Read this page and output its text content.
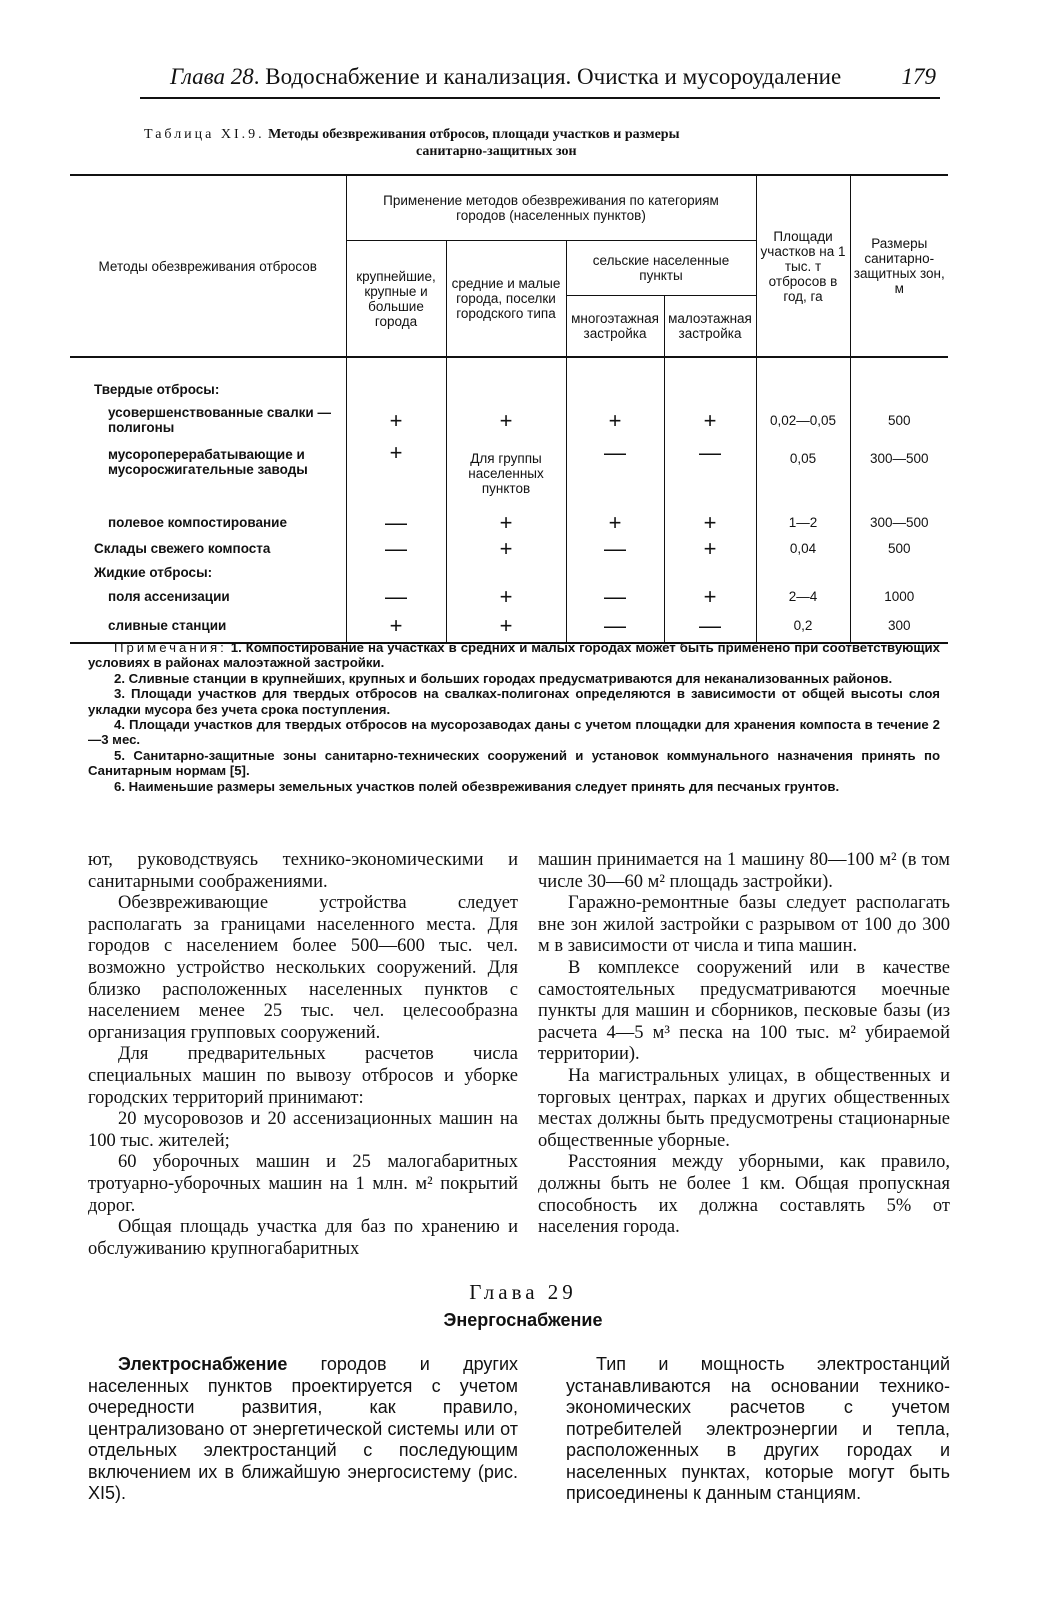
Глава 28. Водоснабжение и канализация. Очистка и мусороудаление	179
Таблица XI.9. Методы обезвреживания отбросов, площади участков и размеры
санитарно-защитных зон
Методы обезвреживания отбросов	Применение методов обезвреживания по категориям городов (населенных пунктов)				Площади участков на 1 тыс. т отбросов в год, га	Размеры санитарно-защитных зон, м
	крупнейшие, крупные и большие города	средние и малые города, поселки городского типа	сельские населенные пункты			
			многоэтажная застройка	малоэтажная застройка		
Твердые отбросы:						
усовершенствованные свалки — полигоны	+	+	+	+	0,02—0,05	500
мусороперерабатывающие и мусоросжигательные заводы	+	Для группы населенных пунктов	—	—	0,05	300—500
полевое компостирование	—	+	+	+	1—2	300—500
Склады свежего компоста	—	+	—	+	0,04	500
Жидкие отбросы:						
поля ассенизации	—	+	—	+	2—4	1000
сливные станции	+	+	—	—	0,2	300

Примечания: 1. Компостирование на участках в средних и малых городах может быть применено при соответствующих условиях в районах малоэтажной застройки.

2. Сливные станции в крупнейших, крупных и больших городах предусматриваются для неканализованных районов.

3. Площади участков для твердых отбросов на свалках-полигонах определяются в зависимости от общей высоты слоя укладки мусора без учета срока поступления.

4. Площади участков для твердых отбросов на мусорозаводах даны с учетом площадки для хранения компоста в течение 2—3 мес.

5. Санитарно-защитные зоны санитарно-технических сооружений и установок коммунального назначения принять по Санитарным нормам [5].

6. Наименьшие размеры земельных участков полей обезвреживания следует принять для песчаных грунтов.

ют, руководствуясь технико-экономическими и санитарными соображениями.

Обезвреживающие устройства следует располагать за границами населенного места. Для городов с населением более 500—600 тыс. чел. возможно устройство нескольких сооружений. Для близко расположенных населенных пунктов с населением менее 25 тыс. чел. целесообразна организация групповых сооружений.

Для предварительных расчетов числа специальных машин по вывозу отбросов и уборке городских территорий принимают:

20 мусоровозов и 20 ассенизационных машин на 100 тыс. жителей;

60 уборочных машин и 25 малогабаритных тротуарно-уборочных машин на 1 млн. м² покрытий дорог.

Общая площадь участка для баз по хранению и обслуживанию крупногабаритных

машин принимается на 1 машину 80—100 м² (в том числе 30—60 м² площадь застройки).

Гаражно-ремонтные базы следует располагать вне зон жилой застройки с разрывом от 100 до 300 м в зависимости от числа и типа машин.

В комплексе сооружений или в качестве самостоятельных предусматриваются моечные пункты для машин и сборников, песковые базы (из расчета 4—5 м³ песка на 100 тыс. м² убираемой территории).

На магистральных улицах, в общественных и торговых центрах, парках и других общественных местах должны быть предусмотрены стационарные общественные уборные.

Расстояния между уборными, как правило, должны быть не более 1 км. Общая пропускная способность их должна составлять 5% от населения города.

Глава 29
Энергоснабжение

Электроснабжение городов и других населенных пунктов проектируется с учетом очередности развития, как правило, централизовано от энергетической системы или от отдельных электростанций с последующим включением их в ближайшую энергосистему (рис. XI5).

Тип и мощность электростанций устанавливаются на основании технико-экономических расчетов с учетом потребителей электроэнергии и тепла, расположенных в других городах и населенных пунктах, которые могут быть присоединены к данным станциям.
